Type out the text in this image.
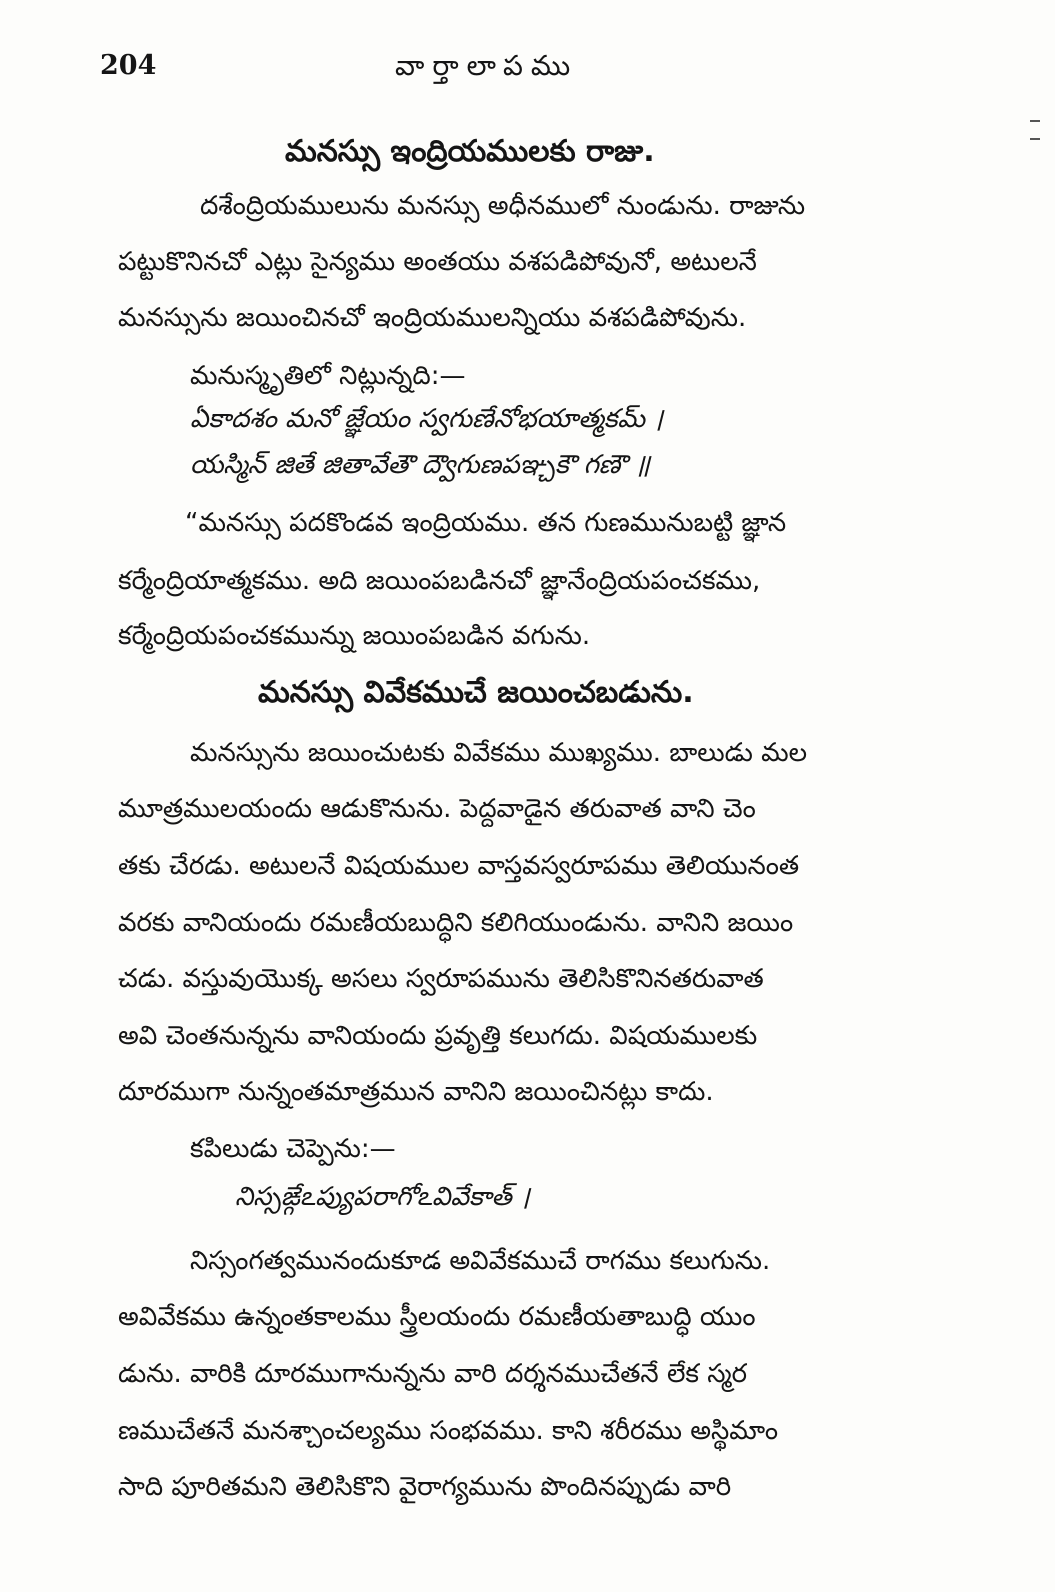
204	వార్తాలాపము
మనస్సు ఇంద్రియములకు రాజు.
దశేంద్రియములును మనస్సు అధీనములో నుండును. రాజును
పట్టుకొనినచో ఎట్లు సైన్యము అంతయు వశపడిపోవునో, అటులనే
మనస్సును జయించినచో ఇంద్రియములన్నియు వశపడిపోవును.
మనుస్మృతిలో నిట్లున్నది:—
ఏకాదశం మనో జ్ఞేయం స్వగుణేనోభయాత్మకమ్ ।
యస్మిన్ జితే జితావేతౌ ద్వౌగుణపఞ్చకౌ గణౌ ॥
“మనస్సు పదకొండవ ఇంద్రియము. తన గుణమునుబట్టి జ్ఞాన
కర్మేంద్రియాత్మకము. అది జయింపబడినచో జ్ఞానేంద్రియపంచకము,
కర్మేంద్రియపంచకమున్ను జయింపబడిన వగును.
మనస్సు వివేకముచే జయించబడును.
మనస్సును జయించుటకు వివేకము ముఖ్యము. బాలుడు మల
మూత్రములయందు ఆడుకొనును. పెద్దవాడైన తరువాత వాని చెం
తకు చేరడు. అటులనే విషయముల వాస్తవస్వరూపము తెలియునంత
వరకు వానియందు రమణీయబుద్ధిని కలిగియుండును. వానిని జయిం
చడు. వస్తువుయొక్క అసలు స్వరూపమును తెలిసికొనినతరువాత
అవి చెంతనున్నను వానియందు ప్రవృత్తి కలుగదు. విషయములకు
దూరముగా నున్నంతమాత్రమున వానిని జయించినట్లు కాదు.
కపిలుడు చెప్పెను:—
నిస్సఙ్గేఽప్యుపరాగోఽవివేకాత్ ।
నిస్సంగత్వమునందుకూడ అవివేకముచే రాగము కలుగును.
అవివేకము ఉన్నంతకాలము స్త్రీలయందు రమణీయతాబుద్ధి యుం
డును. వారికి దూరముగానున్నను వారి దర్శనముచేతనే లేక స్మర
ణముచేతనే మనశ్చాంచల్యము సంభవము. కాని శరీరము అస్థిమాం
సాది పూరితమని తెలిసికొని వైరాగ్యమును పొందినప్పుడు వారి
